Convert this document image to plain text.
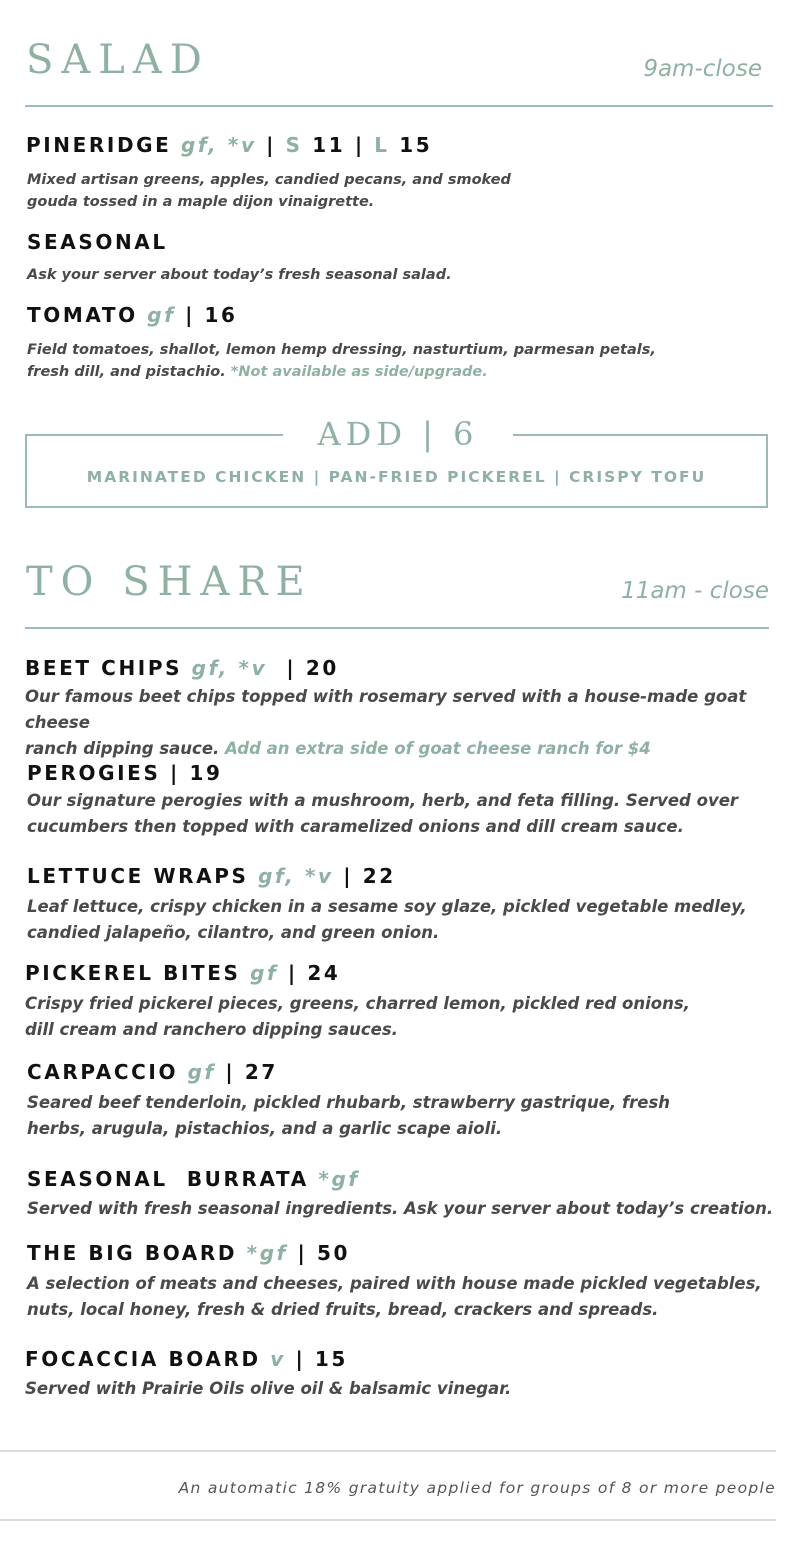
SALAD	9am-close
PINERIDGE gf, *v | S 11 | L 15
Mixed artisan greens, apples, candied pecans, and smoked
gouda tossed in a maple dijon vinaigrette.
SEASONAL
Ask your server about today’s fresh seasonal salad.
TOMATO gf | 16
Field tomatoes, shallot, lemon hemp dressing, nasturtium, parmesan petals,
fresh dill, and pistachio. *Not available as side/upgrade.
ADD | 6
MARINATED CHICKEN | PAN-FRIED PICKEREL | CRISPY TOFU
TO SHARE	11am - close
BEET CHIPS gf, *v  | 20
Our famous beet chips topped with rosemary served with a house-made goat cheese
ranch dipping sauce. Add an extra side of goat cheese ranch for $4
PEROGIES | 19
Our signature perogies with a mushroom, herb, and feta filling. Served over
cucumbers then topped with caramelized onions and dill cream sauce.
LETTUCE WRAPS gf, *v | 22
Leaf lettuce, crispy chicken in a sesame soy glaze, pickled vegetable medley,
candied jalapeño, cilantro, and green onion.
PICKEREL BITES gf | 24
Crispy fried pickerel pieces, greens, charred lemon, pickled red onions,
dill cream and ranchero dipping sauces.
CARPACCIO gf | 27
Seared beef tenderloin, pickled rhubarb, strawberry gastrique, fresh
herbs, arugula, pistachios, and a garlic scape aioli.
SEASONAL  BURRATA *gf
Served with fresh seasonal ingredients. Ask your server about today’s creation.
THE BIG BOARD *gf | 50
A selection of meats and cheeses, paired with house made pickled vegetables,
nuts, local honey, fresh & dried fruits, bread, crackers and spreads.
FOCACCIA BOARD v | 15
Served with Prairie Oils olive oil & balsamic vinegar.
An automatic 18% gratuity applied for groups of 8 or more people
